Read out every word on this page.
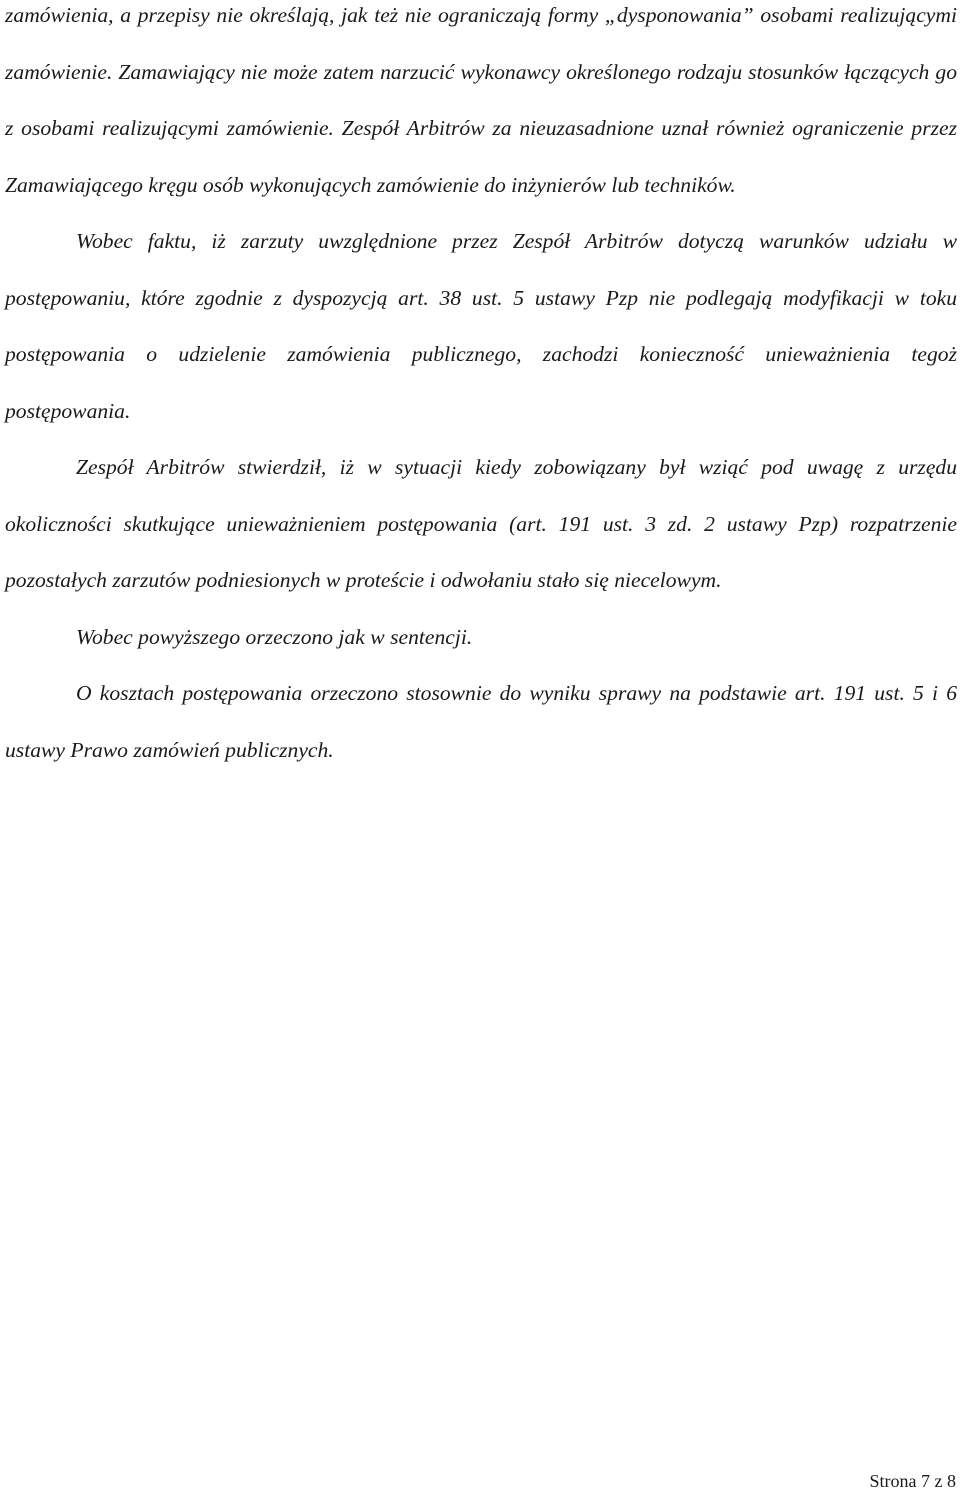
zamówienia, a przepisy nie określają, jak też nie ograniczają formy „dysponowania” osobami realizującymi zamówienie. Zamawiający nie może zatem narzucić wykonawcy określonego rodzaju stosunków łączących go z osobami realizującymi zamówienie. Zespół Arbitrów za nieuzasadnione uznał również ograniczenie przez Zamawiającego kręgu osób wykonujących zamówienie do inżynierów lub techników.

Wobec faktu, iż zarzuty uwzględnione przez Zespół Arbitrów dotyczą warunków udziału w postępowaniu, które zgodnie z dyspozycją art. 38 ust. 5 ustawy Pzp nie podlegają modyfikacji w toku postępowania o udzielenie zamówienia publicznego, zachodzi konieczność unieważnienia tegoż postępowania.

Zespół Arbitrów stwierdził, iż w sytuacji kiedy zobowiązany był wziąć pod uwagę z urzędu okoliczności skutkujące unieważnieniem postępowania (art. 191 ust. 3 zd. 2 ustawy Pzp) rozpatrzenie pozostałych zarzutów podniesionych w proteście i odwołaniu stało się niecelowym.

Wobec powyższego orzeczono jak w sentencji.

O kosztach postępowania orzeczono stosownie do wyniku sprawy na podstawie art. 191 ust. 5 i 6 ustawy Prawo zamówień publicznych.

Strona 7 z 8
